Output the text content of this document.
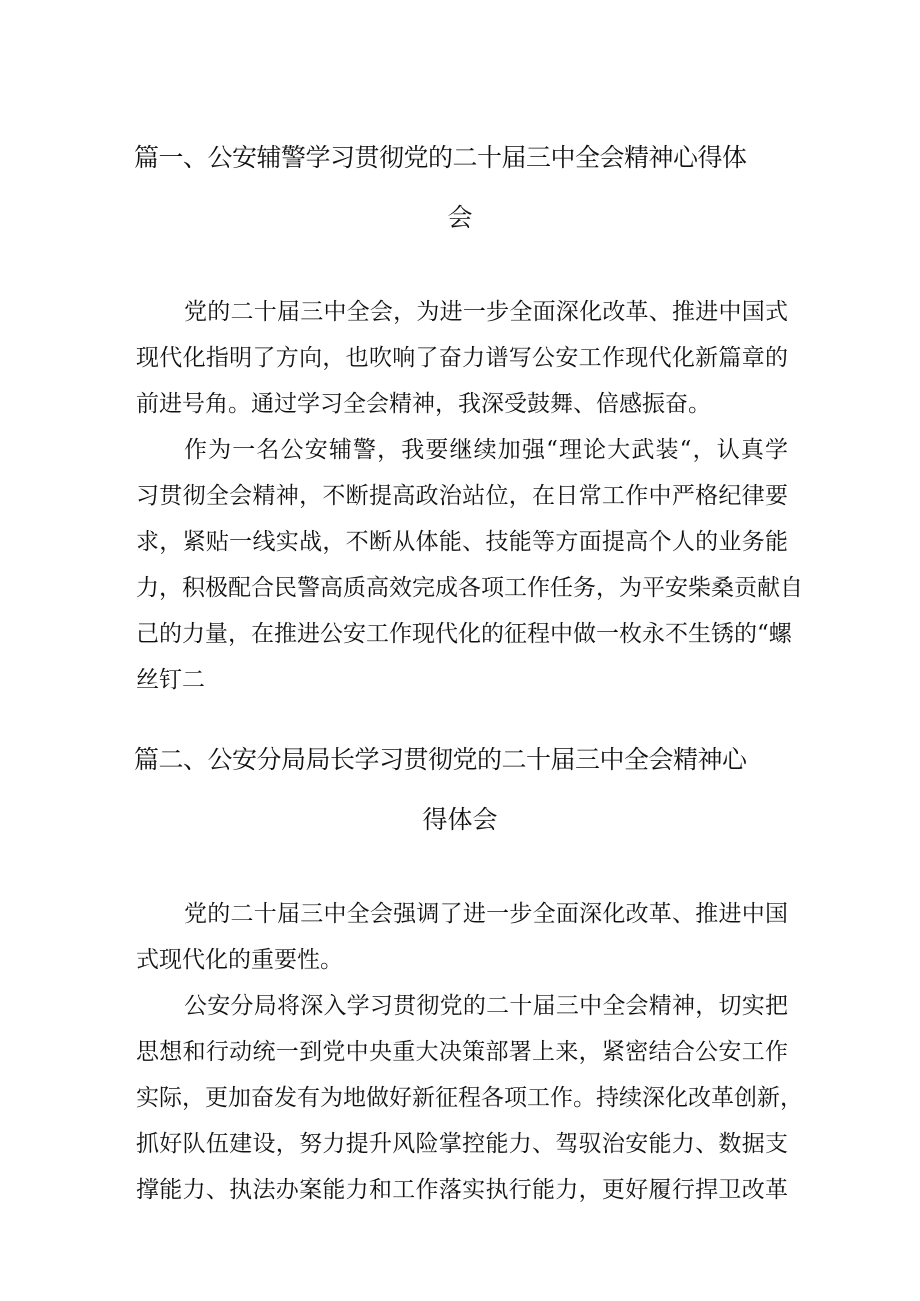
篇一、公安辅警学习贯彻党的二十届三中全会精神心得体
会
党的二十届三中全会，为进一步全面深化改革、推进中国式
现代化指明了方向，也吹响了奋力谱写公安工作现代化新篇章的
前进号角。通过学习全会精神，我深受鼓舞、倍感振奋。
作为一名公安辅警，我要继续加强“理论大武装“，认真学
习贯彻全会精神，不断提高政治站位，在日常工作中严格纪律要
求，紧贴一线实战，不断从体能、技能等方面提高个人的业务能
力，积极配合民警高质高效完成各项工作任务，为平安柴桑贡献自
己的力量，在推进公安工作现代化的征程中做一枚永不生锈的“螺
丝钉二
篇二、公安分局局长学习贯彻党的二十届三中全会精神心
得体会
党的二十届三中全会强调了进一步全面深化改革、推进中国
式现代化的重要性。
公安分局将深入学习贯彻党的二十届三中全会精神，切实把
思想和行动统一到党中央重大决策部署上来，紧密结合公安工作
实际，更加奋发有为地做好新征程各项工作。持续深化改革创新，
抓好队伍建设，努力提升风险掌控能力、驾驭治安能力、数据支
撑能力、执法办案能力和工作落实执行能力，更好履行捍卫改革
